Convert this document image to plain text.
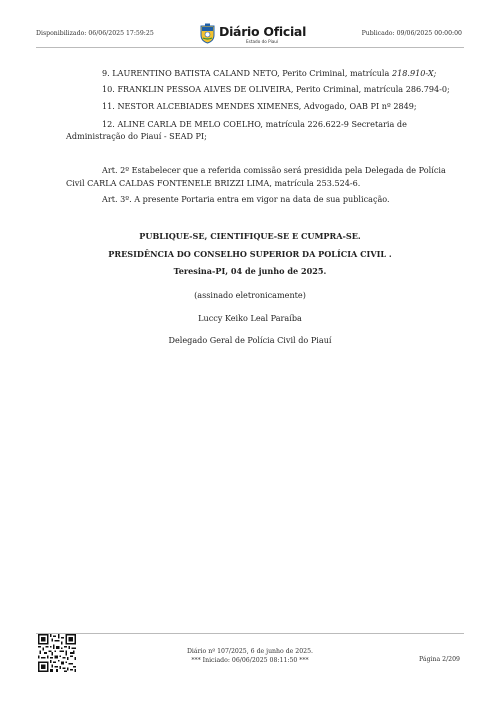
Disponibilizado: 06/06/2025 17:59:25	Diário Oficial
Estado do Piauí
Publicado: 09/06/2025 00:00:00
9. LAURENTINO BATISTA CALAND NETO, Perito Criminal, matrícula 218.910-X;
10. FRANKLIN PESSOA ALVES DE OLIVEIRA, Perito Criminal, matrícula 286.794-0;
11. NESTOR ALCEBIADES MENDES XIMENES, Advogado, OAB PI nº 2849;
12. ALINE CARLA DE MELO COELHO, matrícula 226.622-9 Secretaria de
Administração do Piauí - SEAD PI;
Art. 2º Estabelecer que a referida comissão será presidida pela Delegada de Polícia
Civil CARLA CALDAS FONTENELE BRIZZI LIMA, matrícula 253.524-6.
Art. 3º. A presente Portaria entra em vigor na data de sua publicação.
PUBLIQUE-SE, CIENTIFIQUE-SE E CUMPRA-SE.
PRESIDÊNCIA DO CONSELHO SUPERIOR DA POLÍCIA CIVIL .
Teresina-PI, 04 de junho de 2025.
(assinado eletronicamente)
Luccy Keiko Leal Paraíba
Delegado Geral de Polícia Civil do Piauí
Diário nº 107/2025, 6 de junho de 2025.
*** Iniciado: 06/06/2025 08:11:50 ***	Página 2/209
